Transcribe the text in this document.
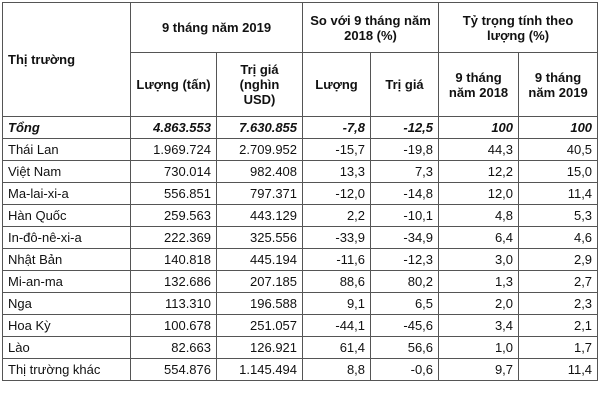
Thị trường	9 tháng năm 2019		So với 9 tháng năm 2018 (%)		Tỷ trọng tính theo lượng (%)	
	Lượng (tấn)	Trị giá (nghìn USD)	Lượng	Trị giá	9 tháng năm 2018	9 tháng năm 2019
Tổng	4.863.553	7.630.855	-7,8	-12,5	100	100
Thái Lan	1.969.724	2.709.952	-15,7	-19,8	44,3	40,5
Việt Nam	730.014	982.408	13,3	7,3	12,2	15,0
Ma-lai-xi-a	556.851	797.371	-12,0	-14,8	12,0	11,4
Hàn Quốc	259.563	443.129	2,2	-10,1	4,8	5,3
In-đô-nê-xi-a	222.369	325.556	-33,9	-34,9	6,4	4,6
Nhật Bản	140.818	445.194	-11,6	-12,3	3,0	2,9
Mi-an-ma	132.686	207.185	88,6	80,2	1,3	2,7
Nga	113.310	196.588	9,1	6,5	2,0	2,3
Hoa Kỳ	100.678	251.057	-44,1	-45,6	3,4	2,1
Lào	82.663	126.921	61,4	56,6	1,0	1,7
Thị trường khác	554.876	1.145.494	8,8	-0,6	9,7	11,4
